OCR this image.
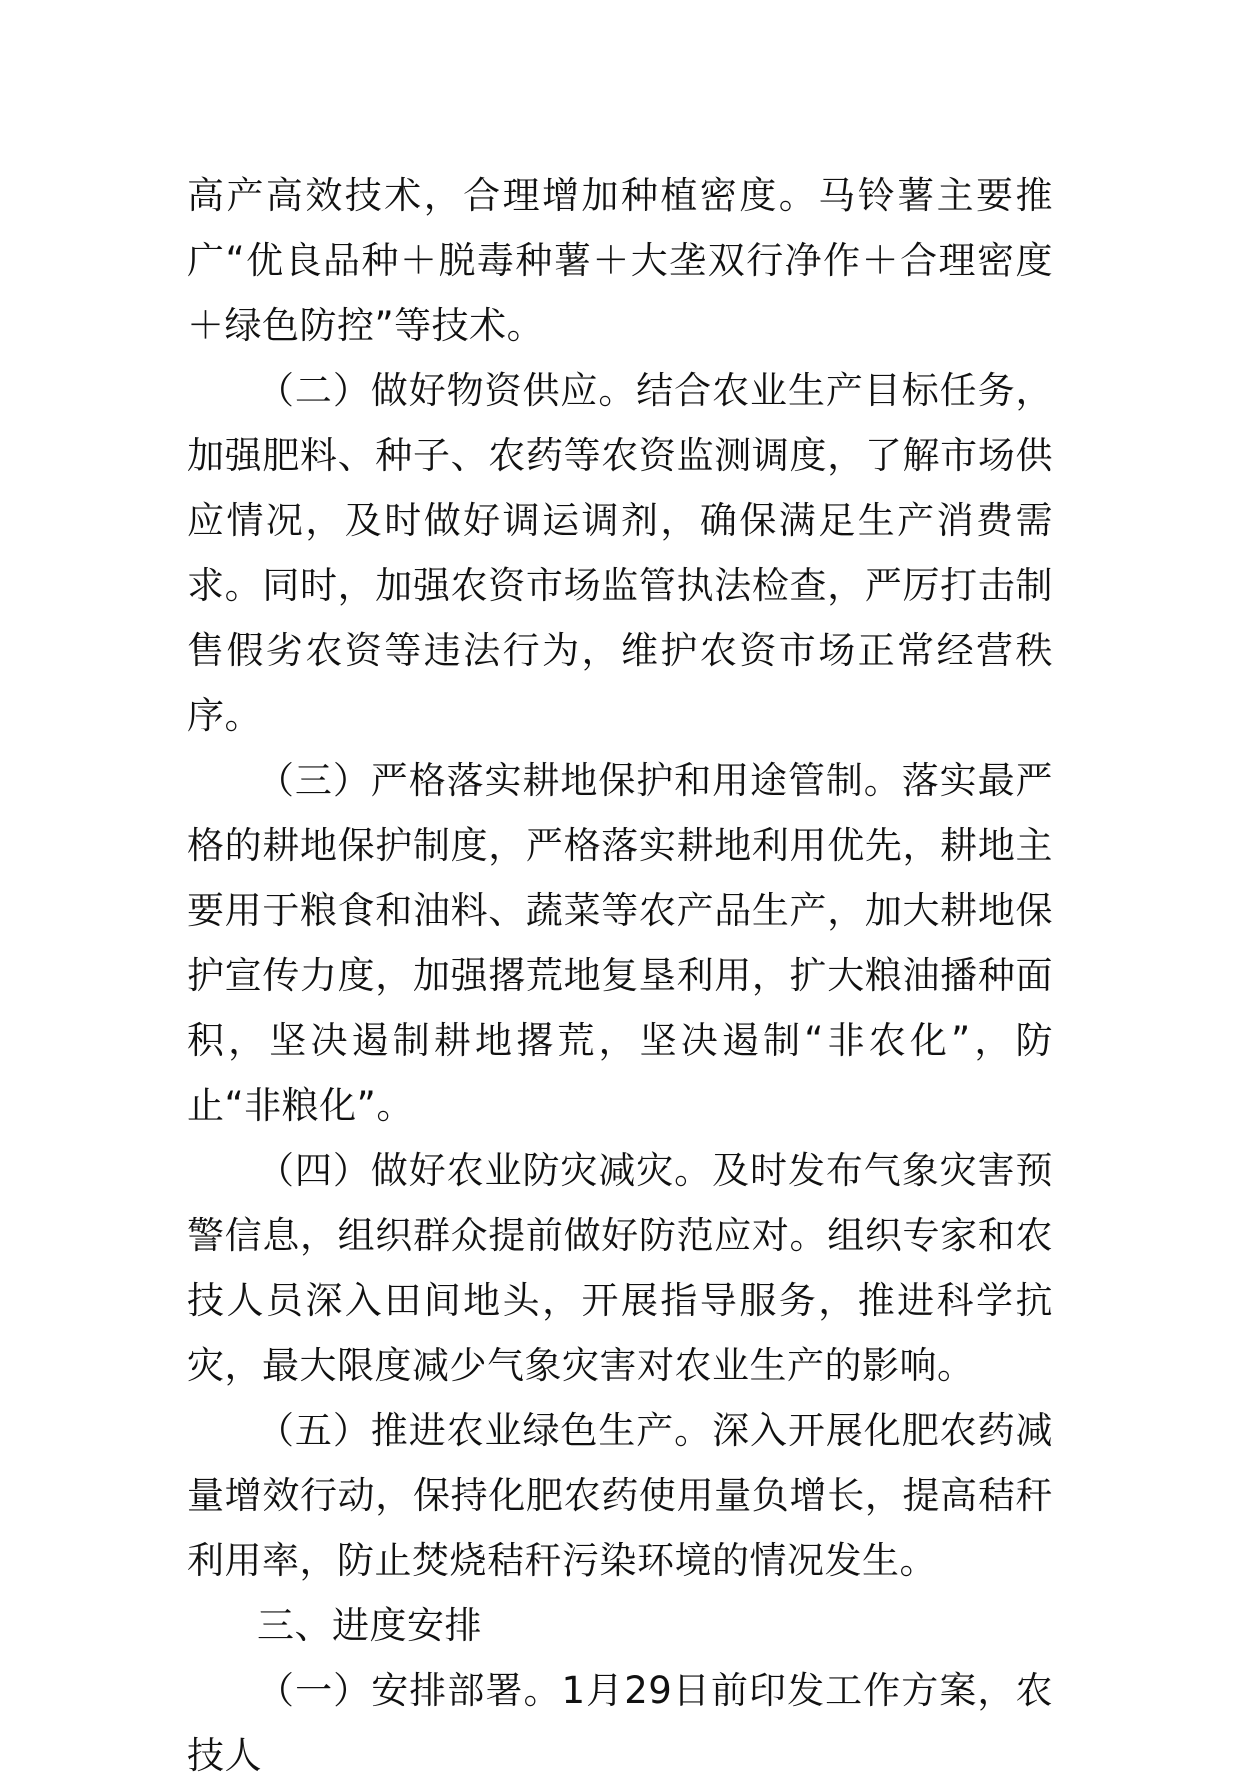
高产高效技术，合理增加种植密度。马铃薯主要推广“优良品种＋脱毒种薯＋大垄双行净作＋合理密度＋绿色防控”等技术。

（二）做好物资供应。结合农业生产目标任务，加强肥料、种子、农药等农资监测调度，了解市场供应情况，及时做好调运调剂，确保满足生产消费需求。同时，加强农资市场监管执法检查，严厉打击制售假劣农资等违法行为，维护农资市场正常经营秩序。

（三）严格落实耕地保护和用途管制。落实最严格的耕地保护制度，严格落实耕地利用优先，耕地主要用于粮食和油料、蔬菜等农产品生产，加大耕地保护宣传力度，加强撂荒地复垦利用，扩大粮油播种面积，坚决遏制耕地撂荒，坚决遏制“非农化”，防止“非粮化”。

（四）做好农业防灾减灾。及时发布气象灾害预警信息，组织群众提前做好防范应对。组织专家和农技人员深入田间地头，开展指导服务，推进科学抗灾，最大限度减少气象灾害对农业生产的影响。

（五）推进农业绿色生产。深入开展化肥农药减量增效行动，保持化肥农药使用量负增长，提高秸秆利用率，防止焚烧秸秆污染环境的情况发生。

三、进度安排

（一）安排部署。1月29日前印发工作方案，农技人
